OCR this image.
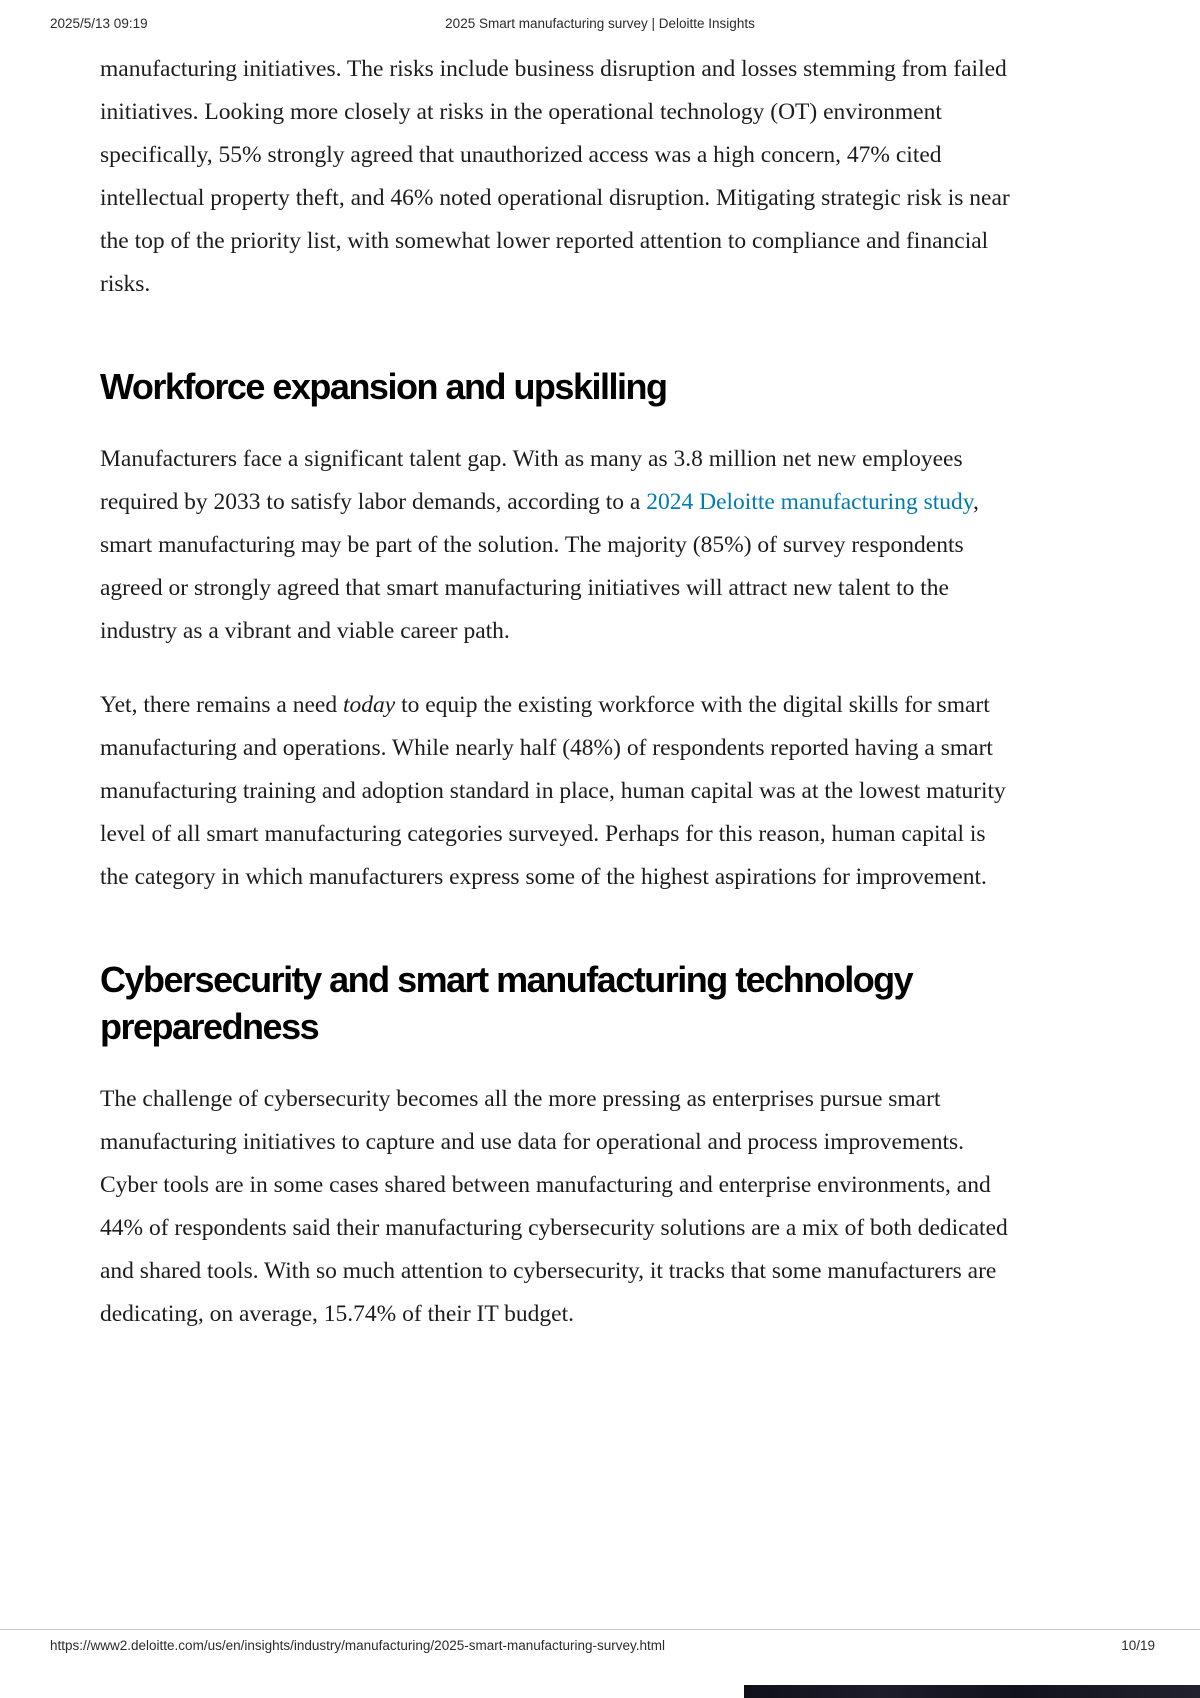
2025 Smart manufacturing survey | Deloitte Insights
2025/5/13 09:19

manufacturing initiatives. The risks include business disruption and losses stemming from failed initiatives. Looking more closely at risks in the operational technology (OT) environment specifically, 55% strongly agreed that unauthorized access was a high concern, 47% cited intellectual property theft, and 46% noted operational disruption. Mitigating strategic risk is near the top of the priority list, with somewhat lower reported attention to compliance and financial risks.

Workforce expansion and upskilling

Manufacturers face a significant talent gap. With as many as 3.8 million net new employees required by 2033 to satisfy labor demands, according to a 2024 Deloitte manufacturing study, smart manufacturing may be part of the solution. The majority (85%) of survey respondents agreed or strongly agreed that smart manufacturing initiatives will attract new talent to the industry as a vibrant and viable career path.

Yet, there remains a need today to equip the existing workforce with the digital skills for smart manufacturing and operations. While nearly half (48%) of respondents reported having a smart manufacturing training and adoption standard in place, human capital was at the lowest maturity level of all smart manufacturing categories surveyed. Perhaps for this reason, human capital is the category in which manufacturers express some of the highest aspirations for improvement.

Cybersecurity and smart manufacturing technology preparedness

The challenge of cybersecurity becomes all the more pressing as enterprises pursue smart manufacturing initiatives to capture and use data for operational and process improvements. Cyber tools are in some cases shared between manufacturing and enterprise environments, and 44% of respondents said their manufacturing cybersecurity solutions are a mix of both dedicated and shared tools. With so much attention to cybersecurity, it tracks that some manufacturers are dedicating, on average, 15.74% of their IT budget.

https://www2.deloitte.com/us/en/insights/industry/manufacturing/2025-smart-manufacturing-survey.html	10/19
